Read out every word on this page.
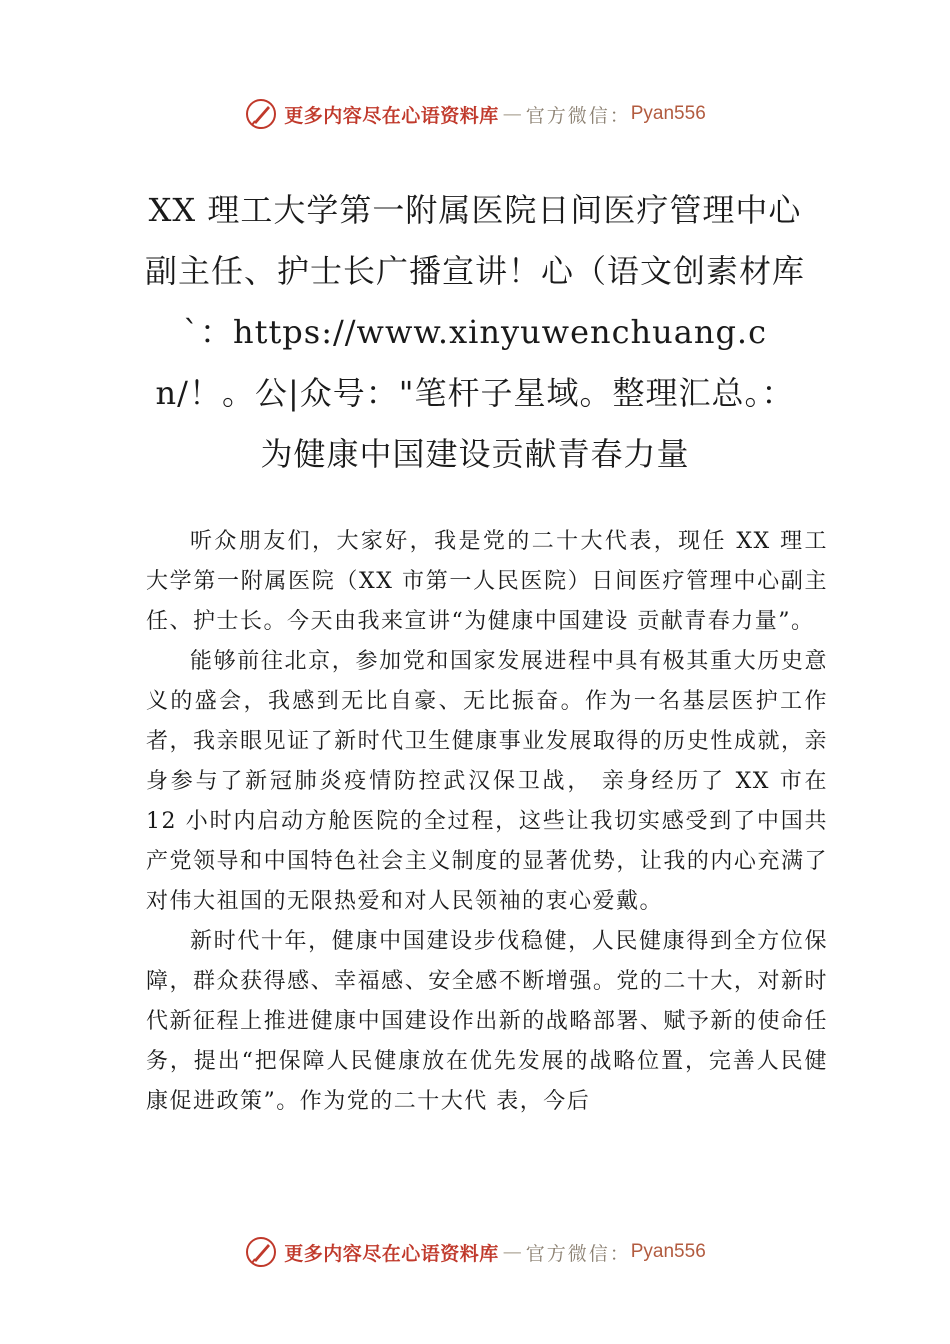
更多内容尽在心语资料库 — 官方微信： Pyan556
XX 理工大学第一附属医院日间医疗管理中心副主任、护士长广播宣讲！心（语文创素材库`：https://www.xinyuwenchuang.cn/！。公|众号："笔杆子星域。整理汇总。：为健康中国建设贡献青春力量

听众朋友们，大家好，我是党的二十大代表，现任 XX 理工大学第一附属医院（XX 市第一人民医院）日间医疗管理中心副主任、护士长。今天由我来宣讲“为健康中国建设 贡献青春力量”。

能够前往北京，参加党和国家发展进程中具有极其重大历史意义的盛会，我感到无比自豪、无比振奋。作为一名基层医护工作者，我亲眼见证了新时代卫生健康事业发展取得的历史性成就，亲身参与了新冠肺炎疫情防控武汉保卫战， 亲身经历了 XX 市在 12 小时内启动方舱医院的全过程，这些让我切实感受到了中国共产党领导和中国特色社会主义制度的显著优势，让我的内心充满了对伟大祖国的无限热爱和对人民领袖的衷心爱戴。

新时代十年，健康中国建设步伐稳健，人民健康得到全方位保障，群众获得感、幸福感、安全感不断增强。党的二十大，对新时代新征程上推进健康中国建设作出新的战略部署、赋予新的使命任务，提出“把保障人民健康放在优先发展的战略位置，完善人民健康促进政策”。作为党的二十大代 表，今后

更多内容尽在心语资料库 — 官方微信： Pyan556
